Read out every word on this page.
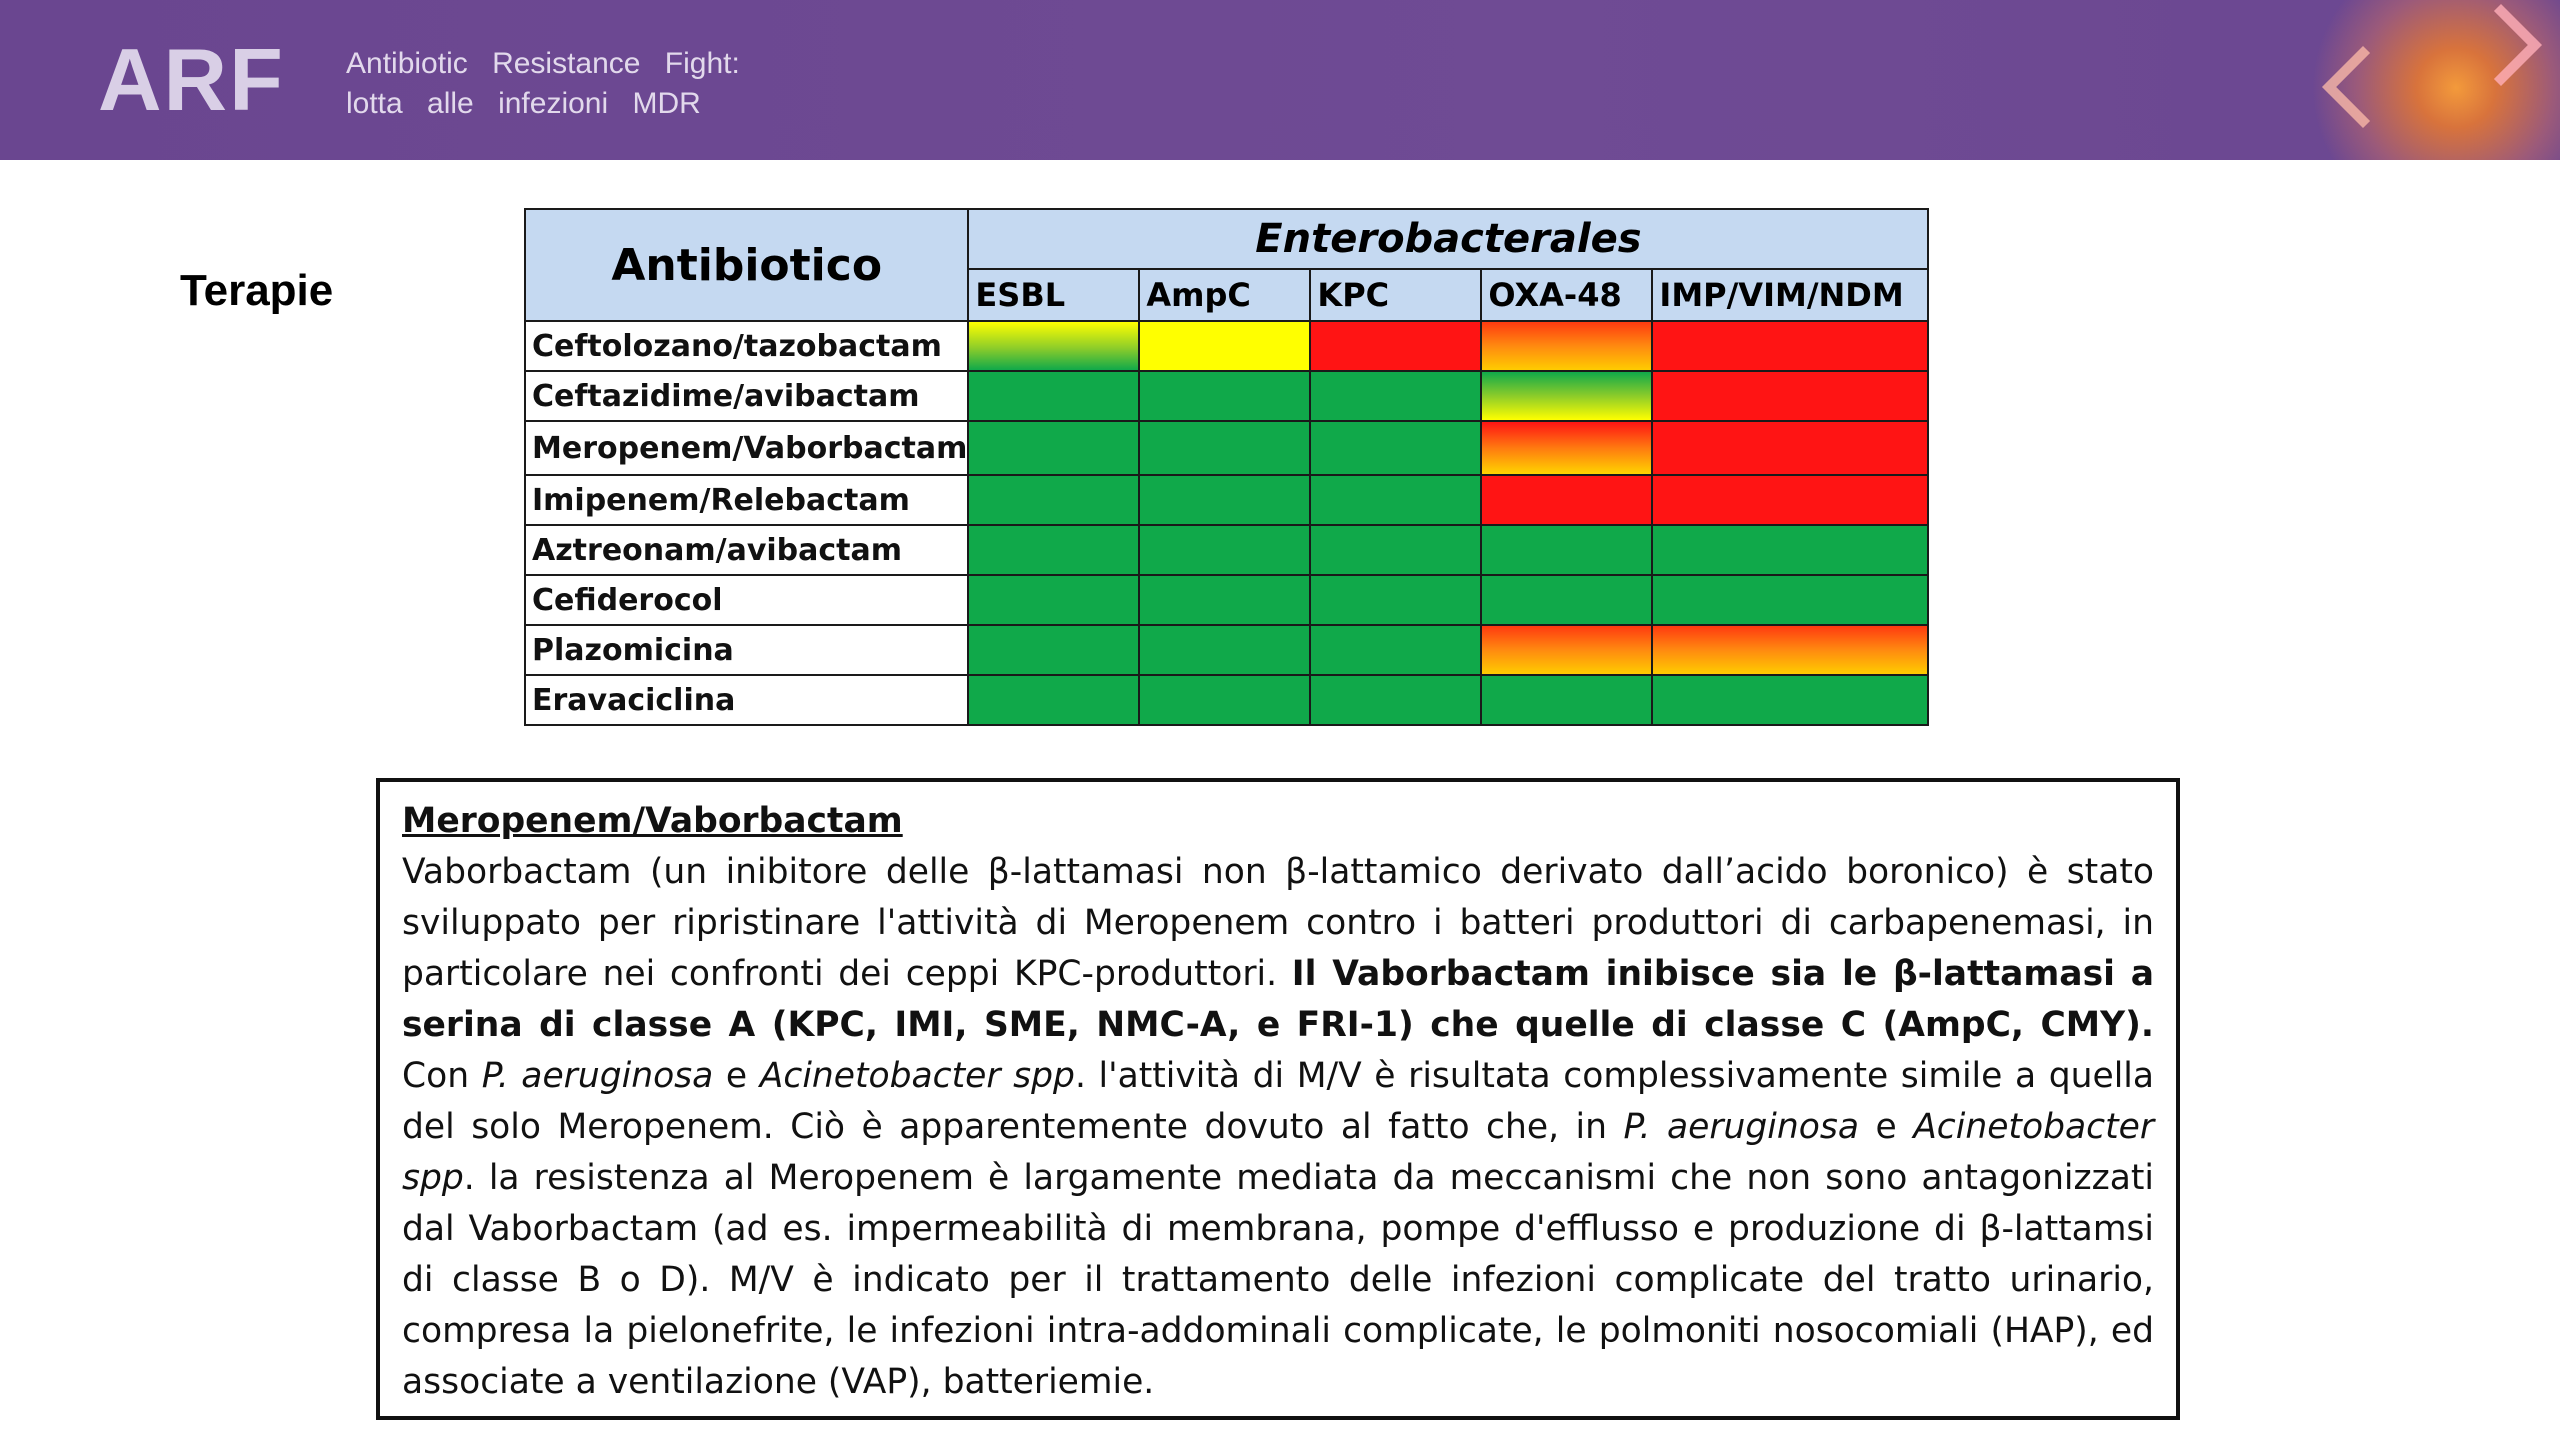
ARF Antibiotic Resistance Fight:
lotta alle infezioni MDR
Terapie	Antibiotico	Enterobacterales				
	ESBL	AmpC	KPC	OXA-48	IMP/VIM/NDM
Ceftolozano/tazobactam					
Ceftazidime/avibactam					
Meropenem/Vaborbactam					
Imipenem/Relebactam					
Aztreonam/avibactam					
Cefiderocol					
Plazomicina					
Eravaciclina					
Meropenem/Vaborbactam
Vaborbactam (un inibitore delle β-lattamasi non β-lattamico derivato dall’acido boronico) è stato sviluppato per ripristinare l'attività di Meropenem contro i batteri produttori di carbapenemasi, in particolare nei confronti dei ceppi KPC-produttori. Il Vaborbactam inibisce sia le β-lattamasi a serina di classe A (KPC, IMI, SME, NMC-A, e FRI-1) che quelle di classe C (AmpC, CMY). Con P. aeruginosa e Acinetobacter spp. l'attività di M/V è risultata complessivamente simile a quella del solo Meropenem. Ciò è apparentemente dovuto al fatto che, in P. aeruginosa e Acinetobacter spp. la resistenza al Meropenem è largamente mediata da meccanismi che non sono antagonizzati dal Vaborbactam (ad es. impermeabilità di membrana, pompe d'efflusso e produzione di β-lattamsi di classe B o D). M/V è indicato per il trattamento delle infezioni complicate del tratto urinario, compresa la pielonefrite, le infezioni intra-addominali complicate, le polmoniti nosocomiali (HAP), ed associate a ventilazione (VAP), batteriemie.
